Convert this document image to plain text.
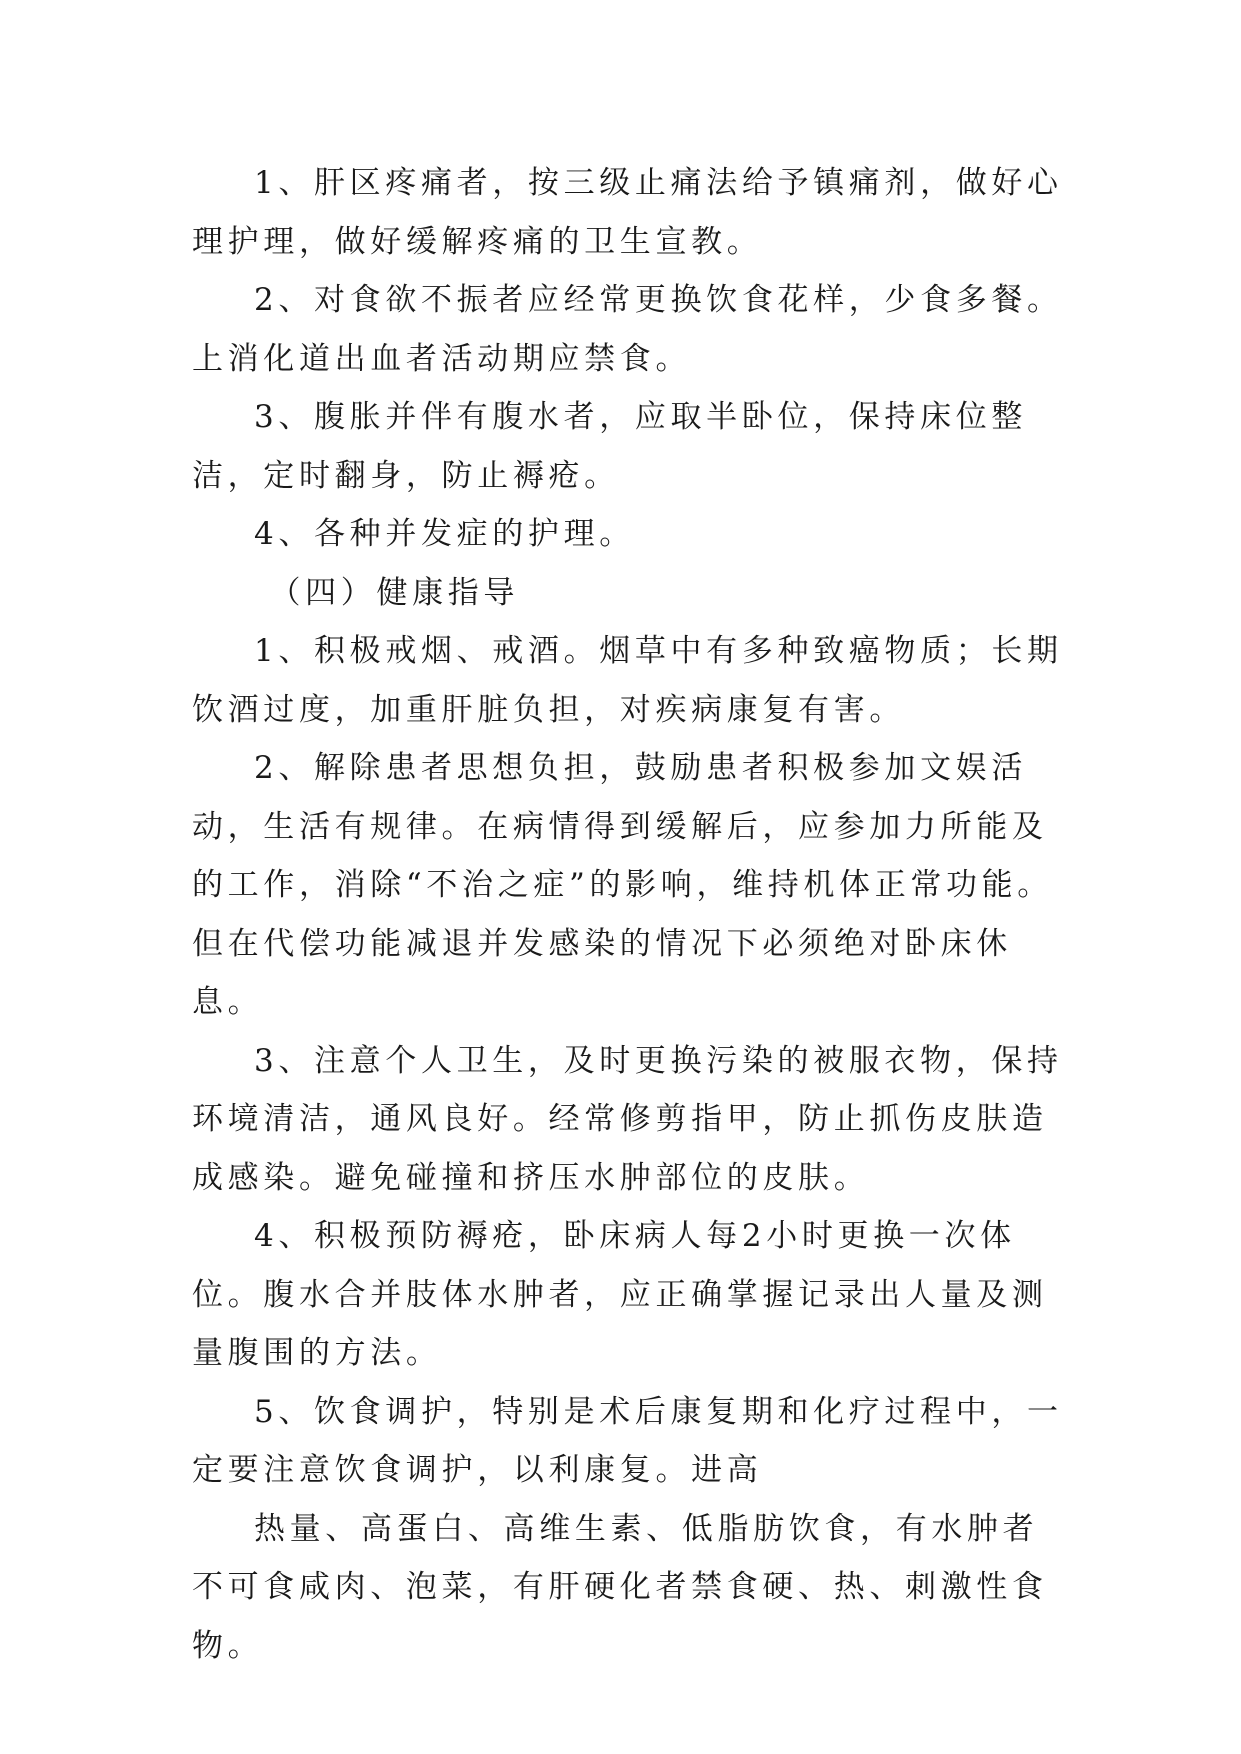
1、肝区疼痛者，按三级止痛法给予镇痛剂，做好心理护理，做好缓解疼痛的卫生宣教。

2、对食欲不振者应经常更换饮食花样，少食多餐。上消化道出血者活动期应禁食。

3、腹胀并伴有腹水者，应取半卧位，保持床位整洁，定时翻身，防止褥疮。

4、各种并发症的护理。

（四）健康指导

1、积极戒烟、戒酒。烟草中有多种致癌物质；长期饮酒过度，加重肝脏负担，对疾病康复有害。

2、解除患者思想负担，鼓励患者积极参加文娱活动，生活有规律。在病情得到缓解后，应参加力所能及的工作，消除“不治之症”的影响，维持机体正常功能。但在代偿功能减退并发感染的情况下必须绝对卧床休息。

3、注意个人卫生，及时更换污染的被服衣物，保持环境清洁，通风良好。经常修剪指甲，防止抓伤皮肤造成感染。避免碰撞和挤压水肿部位的皮肤。

4、积极预防褥疮，卧床病人每2小时更换一次体位。腹水合并肢体水肿者，应正确掌握记录出人量及测量腹围的方法。

5、饮食调护，特别是术后康复期和化疗过程中，一定要注意饮食调护，以利康复。进高

热量、高蛋白、高维生素、低脂肪饮食，有水肿者不可食咸肉、泡菜，有肝硬化者禁食硬、热、刺激性食物。
